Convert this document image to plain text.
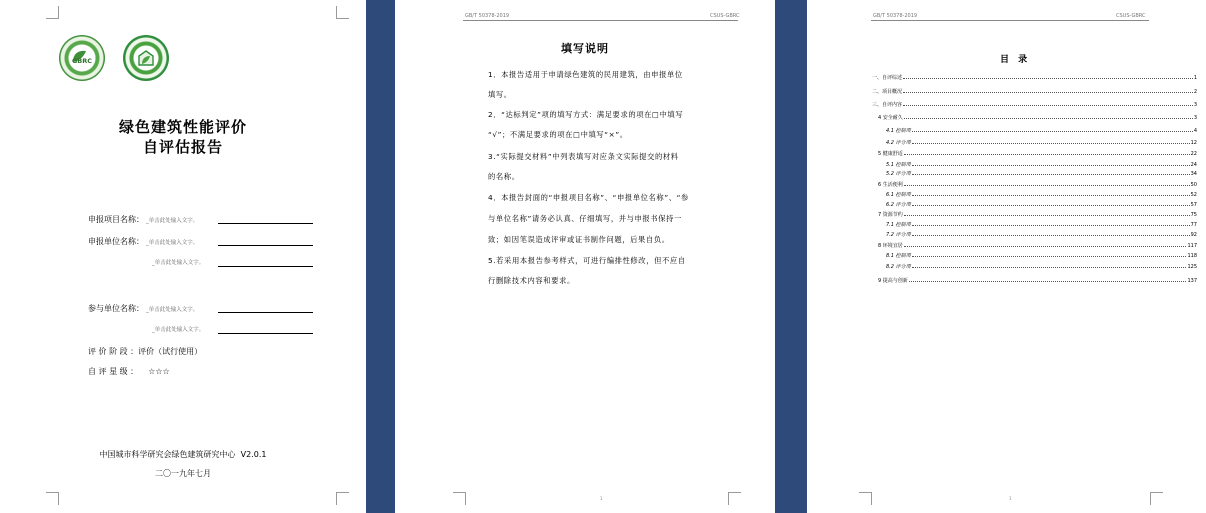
GBRC
绿色建筑性能评价
自评估报告
申报项目名称： _单击此处输入文字。
申报单位名称： _单击此处输入文字。
_单击此处输入文字。
参与单位名称： _单击此处输入文字。
_单击此处输入文字。
评 价 阶 段 ：评价（试行使用）
自 评 星 级 ： ☆☆☆
中国城市科学研究会绿色建筑研究中心 V2.0.1
二〇一九年七月
GB/T 50378-2019	CSUS-GBRC
填写说明
1．本报告适用于申请绿色建筑的民用建筑，由申报单位
填写。
2．“达标判定”项的填写方式：满足要求的项在□中填写
“√”；不满足要求的项在□中填写“×”。
3.“实际提交材料”中列表填写对应条文实际提交的材料
的名称。
4．本报告封面的“申报项目名称”、“申报单位名称”、“参
与单位名称”请务必认真、仔细填写，并与申报书保持一
致；如因笔误造成评审或证书制作问题，后果自负。
5.若采用本报告参考样式，可进行编排性修改，但不应自
行删除技术内容和要求。
1
GB/T 50378-2019	CSUS-GBRC
目 录
一、自评综述	1
二、项目概况	2
三、自评内容	3
4 安全耐久	3
4.1 控制项	4
4.2 评分项	12
5 健康舒适	22
5.1 控制项	24
5.2 评分项	34
6 生活便利	50
6.1 控制项	52
6.2 评分项	57
7 资源节约	75
7.1 控制项	77
7.2 评分项	92
8 环境宜居	117
8.1 控制项	118
8.2 评分项	125
9 提高与创新	137
1
